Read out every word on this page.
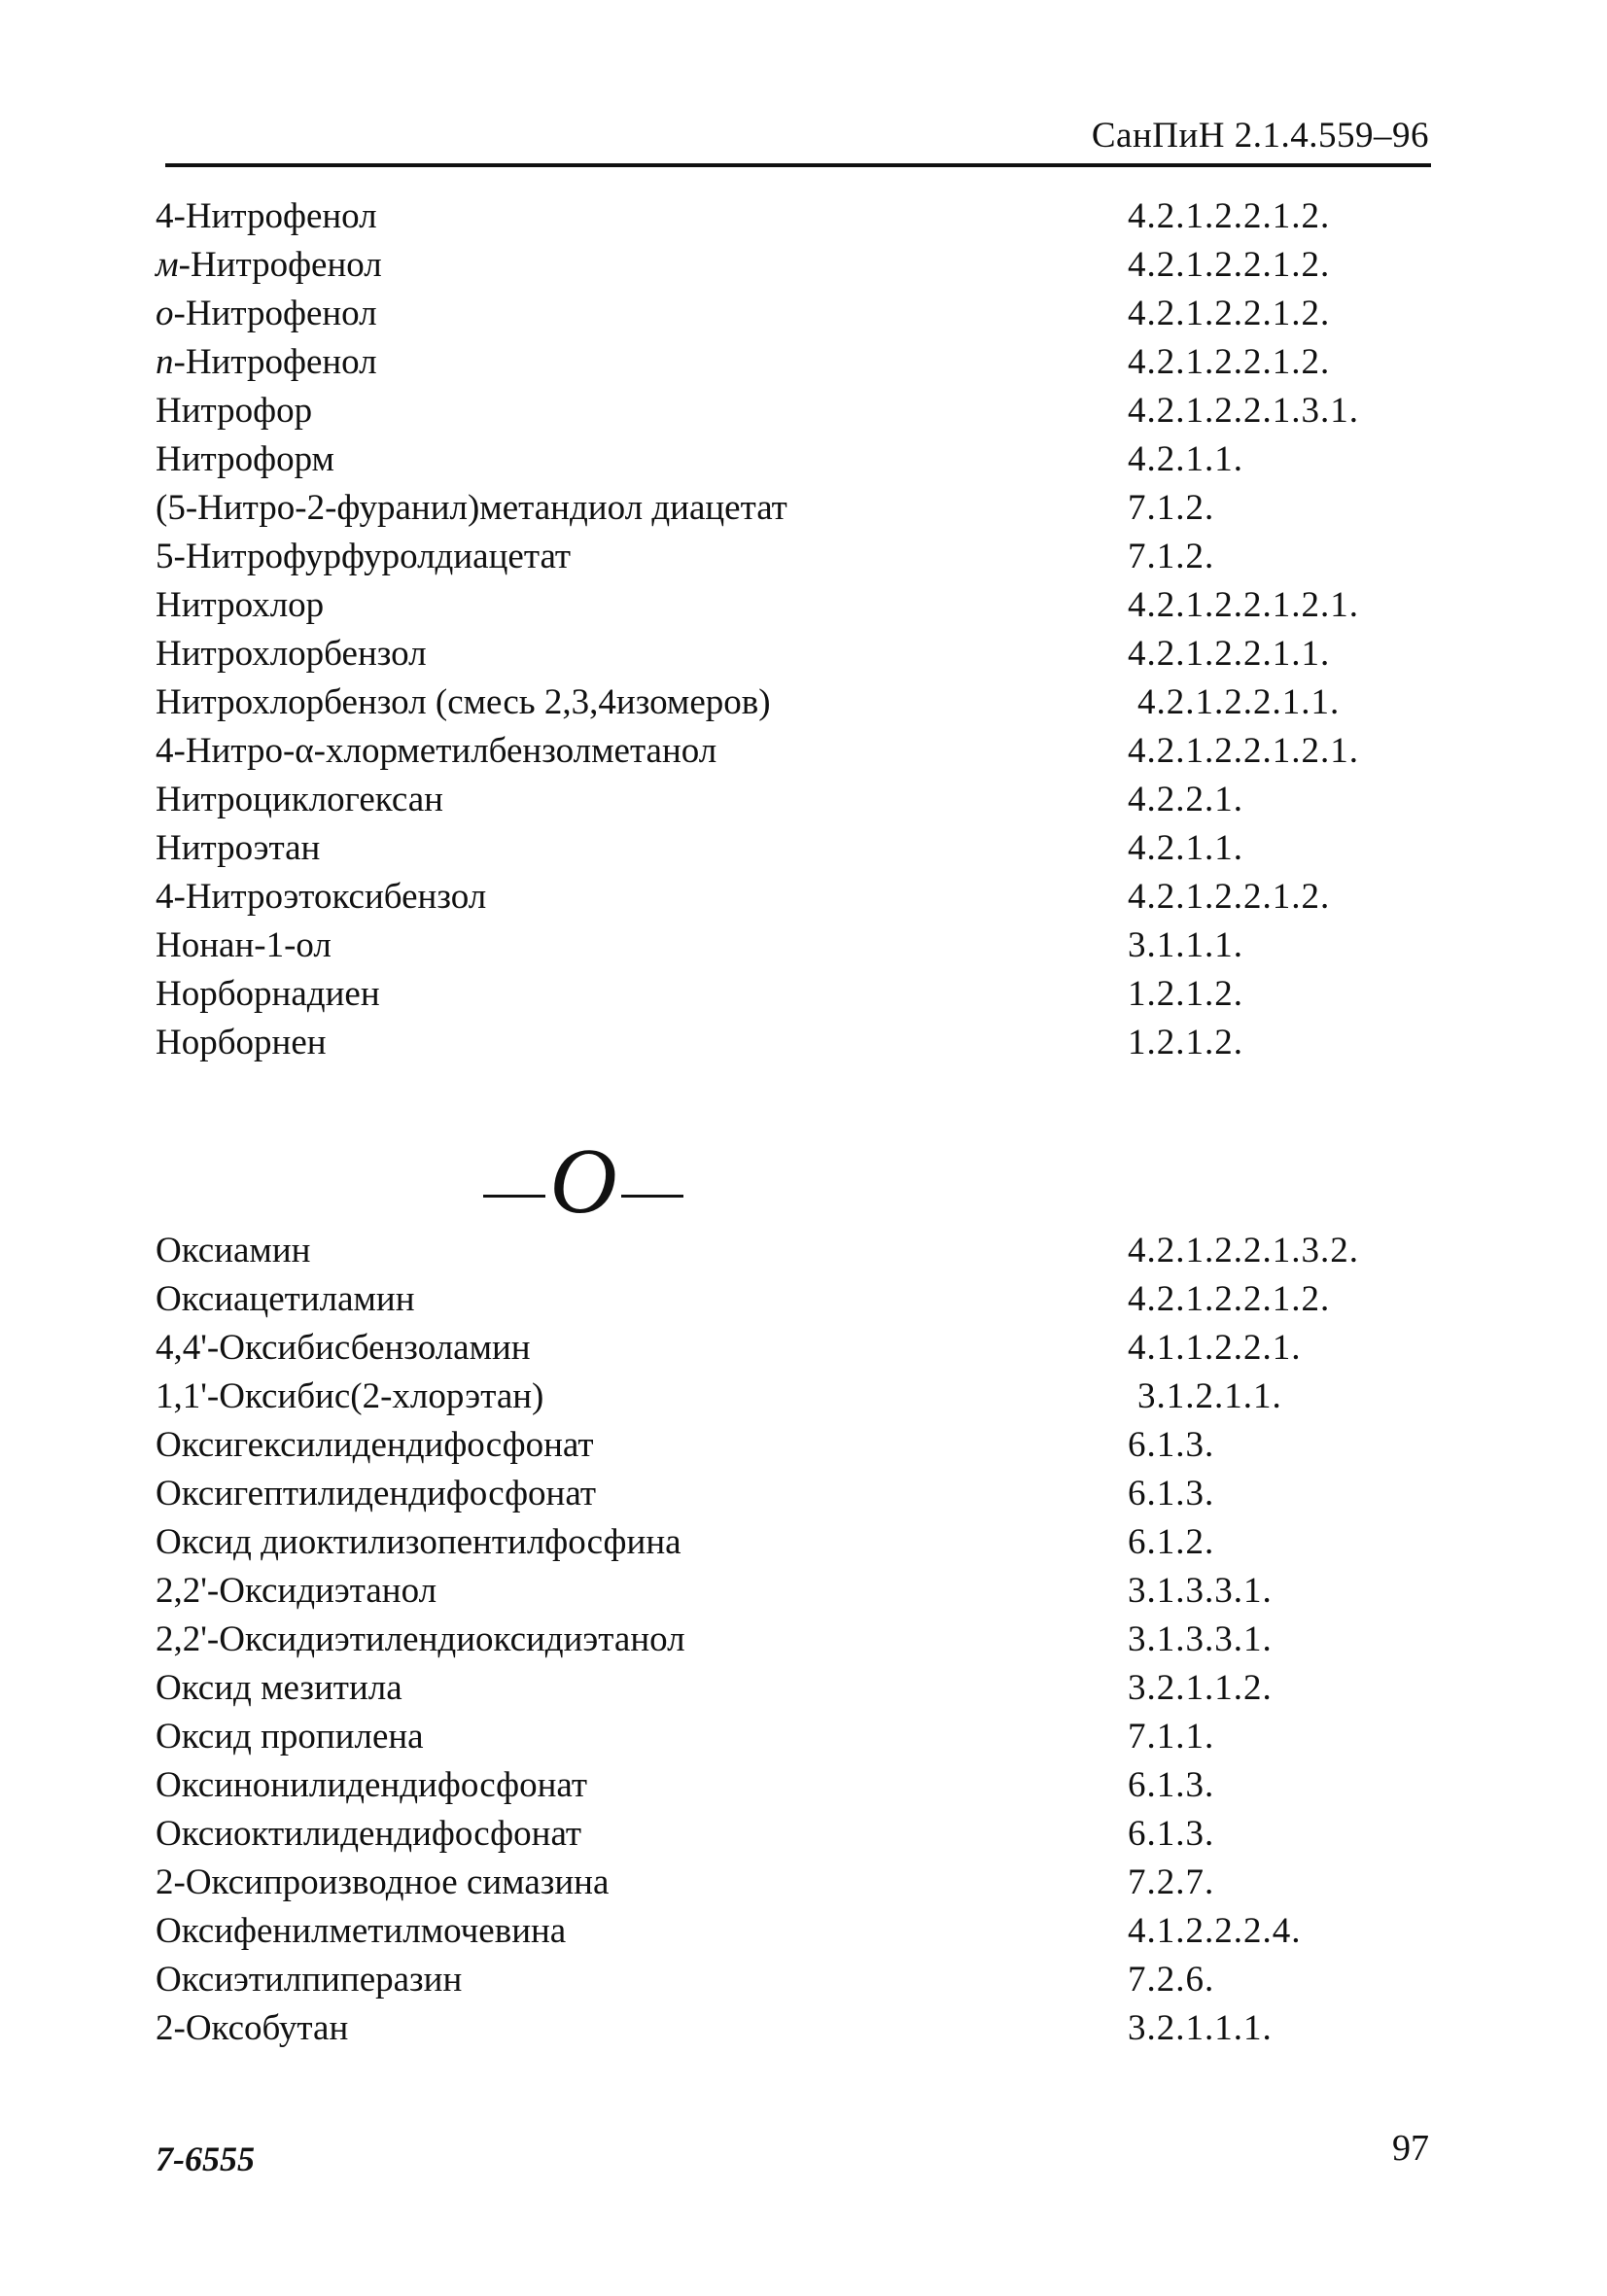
СанПиН 2.1.4.559–96
4-Нитрофенол	4.2.1.2.2.1.2.
м-Нитрофенол	4.2.1.2.2.1.2.
о-Нитрофенол	4.2.1.2.2.1.2.
п-Нитрофенол	4.2.1.2.2.1.2.
Нитрофор	4.2.1.2.2.1.3.1.
Нитроформ	4.2.1.1.
(5-Нитро-2-фуранил)метандиол диацетат	7.1.2.
5-Нитрофурфуролдиацетат	7.1.2.
Нитрохлор	4.2.1.2.2.1.2.1.
Нитрохлорбензол	4.2.1.2.2.1.1.
Нитрохлорбензол (смесь 2,3,4изомеров)	4.2.1.2.2.1.1.
4-Нитро-α-хлорметилбензолметанол	4.2.1.2.2.1.2.1.
Нитроциклогексан	4.2.2.1.
Нитроэтан	4.2.1.1.
4-Нитроэтоксибензол	4.2.1.2.2.1.2.
Нонан-1-ол	3.1.1.1.
Норборнадиен	1.2.1.2.
Норборнен	1.2.1.2.
О
Оксиамин	4.2.1.2.2.1.3.2.
Оксиацетиламин	4.2.1.2.2.1.2.
4,4'-Оксибисбензоламин	4.1.1.2.2.1.
1,1'-Оксибис(2-хлорэтан)	3.1.2.1.1.
Оксигексилидендифосфонат	6.1.3.
Оксигептилидендифосфонат	6.1.3.
Оксид диоктилизопентилфосфина	6.1.2.
2,2'-Оксидиэтанол	3.1.3.3.1.
2,2'-Оксидиэтилендиоксидиэтанол	3.1.3.3.1.
Оксид мезитила	3.2.1.1.2.
Оксид пропилена	7.1.1.
Оксинонилидендифосфонат	6.1.3.
Оксиоктилидендифосфонат	6.1.3.
2-Оксипроизводное симазина	7.2.7.
Оксифенилметилмочевина	4.1.2.2.2.4.
Оксиэтилпиперазин	7.2.6.
2-Оксобутан	3.2.1.1.1.
7-6555	97
